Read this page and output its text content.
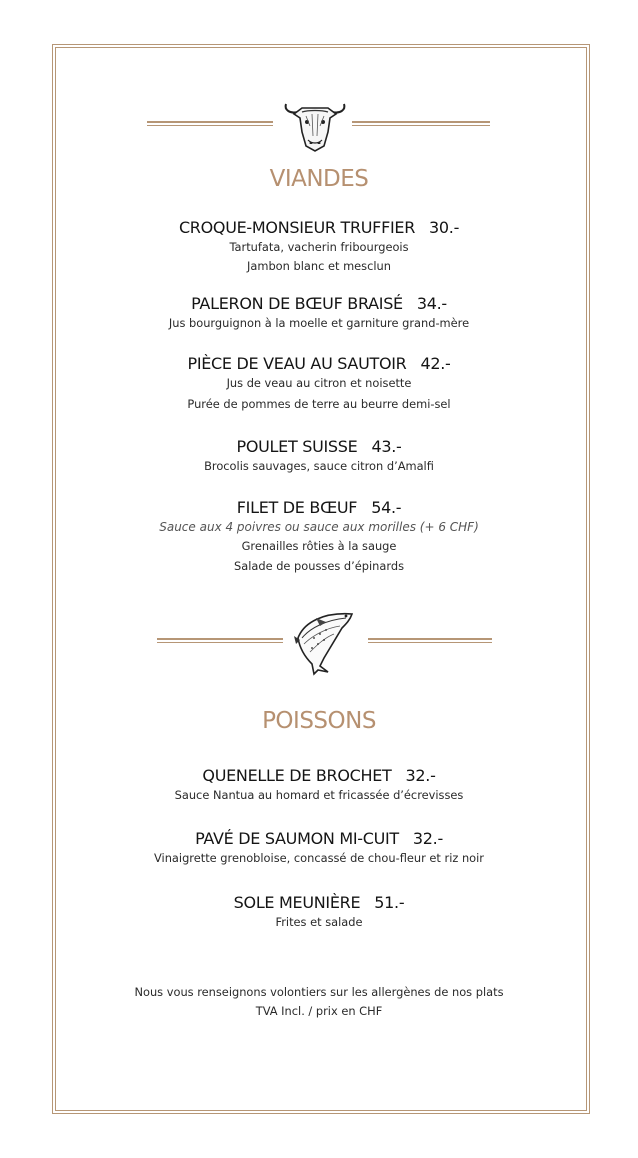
VIANDES
CROQUE-MONSIEUR TRUFFIER 30.-
Tartufata, vacherin fribourgeois
Jambon blanc et mesclun
PALERON DE BŒUF BRAISÉ 34.-
Jus bourguignon à la moelle et garniture grand-mère
PIÈCE DE VEAU AU SAUTOIR 42.-
Jus de veau au citron et noisette
Purée de pommes de terre au beurre demi-sel
POULET SUISSE 43.-
Brocolis sauvages, sauce citron d’Amalfi
FILET DE BŒUF 54.-
Sauce aux 4 poivres ou sauce aux morilles (+ 6 CHF)
Grenailles rôties à la sauge
Salade de pousses d’épinards
POISSONS
QUENELLE DE BROCHET 32.-
Sauce Nantua au homard et fricassée d’écrevisses
PAVÉ DE SAUMON MI-CUIT 32.-
Vinaigrette grenobloise, concassé de chou-fleur et riz noir
SOLE MEUNIÈRE 51.-
Frites et salade
Nous vous renseignons volontiers sur les allergènes de nos plats
TVA Incl. / prix en CHF
